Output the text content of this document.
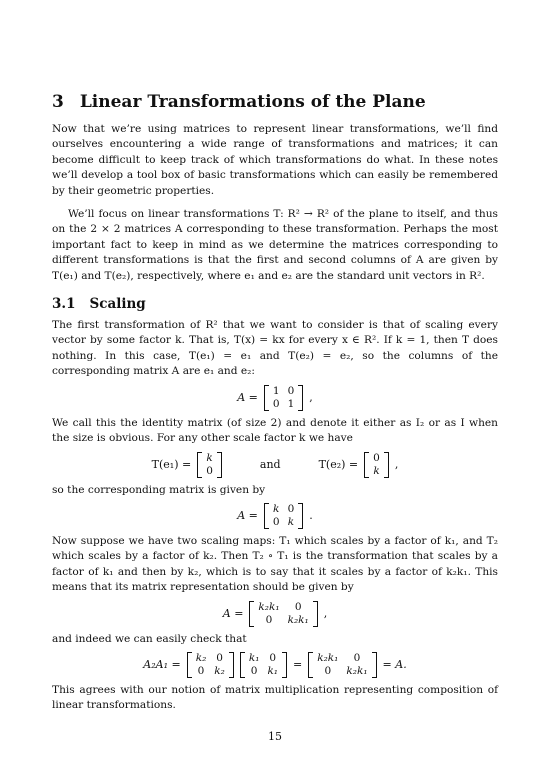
3 Linear Transformations of the Plane

Now that we’re using matrices to represent linear transformations, we’ll find ourselves encountering a wide range of transformations and matrices; it can become difficult to keep track of which transformations do what. In these notes we’ll develop a tool box of basic transformations which can easily be remembered by their geometric properties.

We’ll focus on linear transformations T: R² → R² of the plane to itself, and thus on the 2 × 2 matrices A corresponding to these transformation. Perhaps the most important fact to keep in mind as we determine the matrices corresponding to different transformations is that the first and second columns of A are given by T(e₁) and T(e₂), respectively, where e₁ and e₂ are the standard unit vectors in R².

3.1 Scaling

The first transformation of R² that we want to consider is that of scaling every vector by some factor k. That is, T(x) = kx for every x ∈ R². If k = 1, then T does nothing. In this case, T(e₁) = e₁ and T(e₂) = e₂, so the columns of the corresponding matrix A are e₁ and e₂:

A =
1	0
0	1 ,

We call this the identity matrix (of size 2) and denote it either as I₂ or as I when the size is obvious. For any other scale factor k we have

T(e₁) =
k
0	and	T(e₂) =
0
k ,

so the corresponding matrix is given by

A =
k	0
0	k .

Now suppose we have two scaling maps: T₁ which scales by a factor of k₁, and T₂ which scales by a factor of k₂. Then T₂ ∘ T₁ is the transformation that scales by a factor of k₁ and then by k₂, which is to say that it scales by a factor of k₂k₁. This means that its matrix representation should be given by

A =
k₂k₁	0
0	k₂k₁ ,

and indeed we can easily check that

A₂A₁ =
k₂	0
0	k₂
k₁	0
0	k₁ =
k₂k₁	0
0	k₂k₁ = A.

This agrees with our notion of matrix multiplication representing composition of linear transformations.

15
